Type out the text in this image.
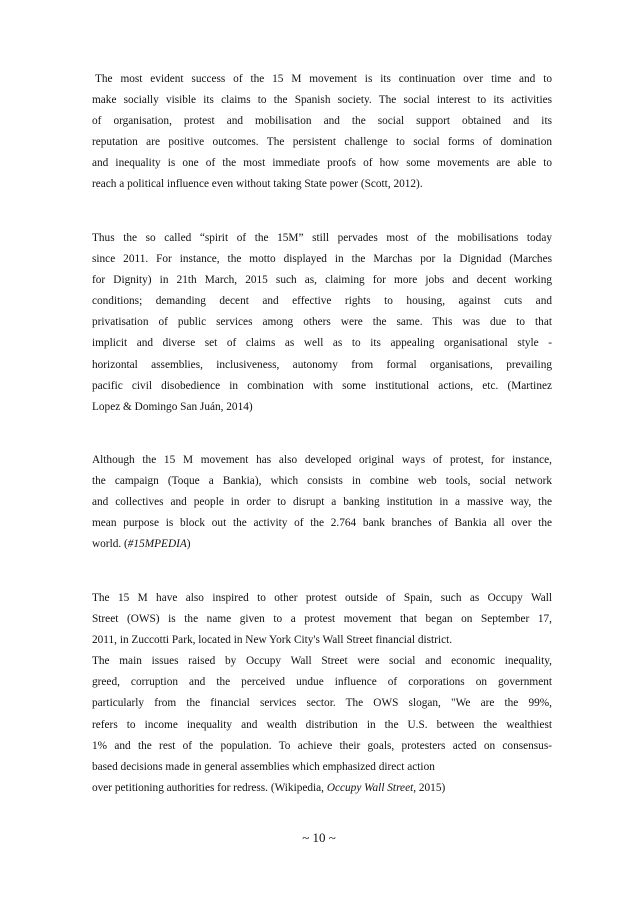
The most evident success of the 15 M movement is its continuation over time and to
make socially visible its claims to the Spanish society. The social interest to its activities
of organisation, protest and mobilisation and the social support obtained and its
reputation are positive outcomes. The persistent challenge to social forms of domination
and inequality is one of the most immediate proofs of how some movements are able to
reach a political influence even without taking State power (Scott, 2012).
Thus the so called “spirit of the 15M” still pervades most of the mobilisations today
since 2011. For instance, the motto displayed in the Marchas por la Dignidad (Marches
for Dignity) in 21th March, 2015 such as, claiming for more jobs and decent working
conditions; demanding decent and effective rights to housing, against cuts and
privatisation of public services among others were the same. This was due to that
implicit and diverse set of claims as well as to its appealing organisational style -
horizontal assemblies, inclusiveness, autonomy from formal organisations, prevailing
pacific civil disobedience in combination with some institutional actions, etc. (Martinez
Lopez & Domingo San Juán, 2014)
Although the 15 M movement has also developed original ways of protest, for instance,
the campaign (Toque a Bankia), which consists in combine web tools, social network
and collectives and people in order to disrupt a banking institution in a massive way, the
mean purpose is block out the activity of the 2.764 bank branches of Bankia all over the
world. (#15MPEDIA)
The 15 M have also inspired to other protest outside of Spain, such as Occupy Wall
Street (OWS) is the name given to a protest movement that began on September 17,
2011, in Zuccotti Park, located in New York City's Wall Street financial district.
The main issues raised by Occupy Wall Street were social and economic inequality,
greed, corruption and the perceived undue influence of corporations on government
particularly from the financial services sector. The OWS slogan, "We are the 99%,
refers to income inequality and wealth distribution in the U.S. between the wealthiest
1% and the rest of the population. To achieve their goals, protesters acted on consensus-
based decisions made in general assemblies which emphasized direct action
over petitioning authorities for redress. (Wikipedia, Occupy Wall Street, 2015)
~ 10 ~
